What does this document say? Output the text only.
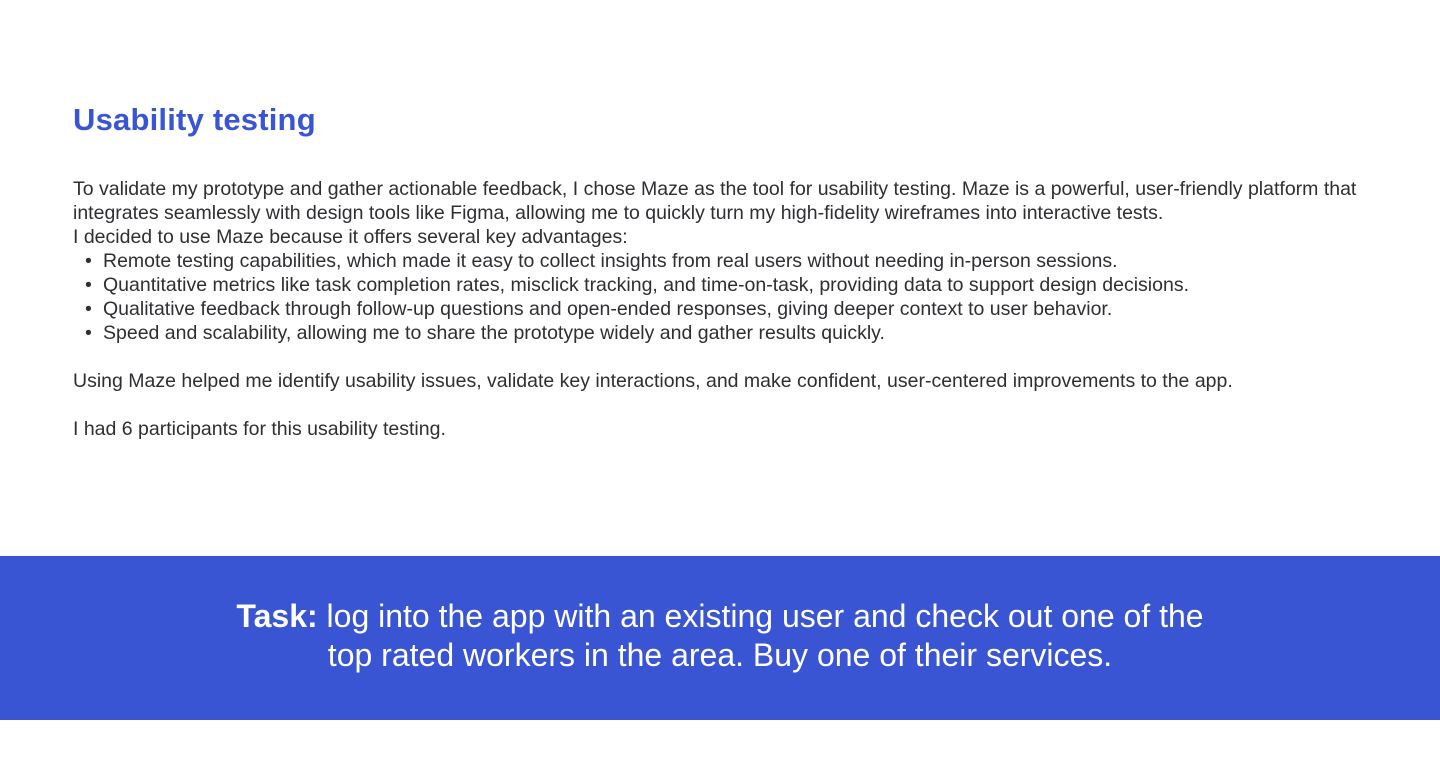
Usability testing

To validate my prototype and gather actionable feedback, I chose Maze as the tool for usability testing. Maze is a powerful, user-friendly platform that integrates seamlessly with design tools like Figma, allowing me to quickly turn my high-fidelity wireframes into interactive tests.

I decided to use Maze because it offers several key advantages:

• Remote testing capabilities, which made it easy to collect insights from real users without needing in-person sessions.
• Quantitative metrics like task completion rates, misclick tracking, and time-on-task, providing data to support design decisions.
• Qualitative feedback through follow-up questions and open-ended responses, giving deeper context to user behavior.
• Speed and scalability, allowing me to share the prototype widely and gather results quickly.

Using Maze helped me identify usability issues, validate key interactions, and make confident, user-centered improvements to the app.

I had 6 participants for this usability testing.

Task: log into the app with an existing user and check out one of the top rated workers in the area. Buy one of their services.
